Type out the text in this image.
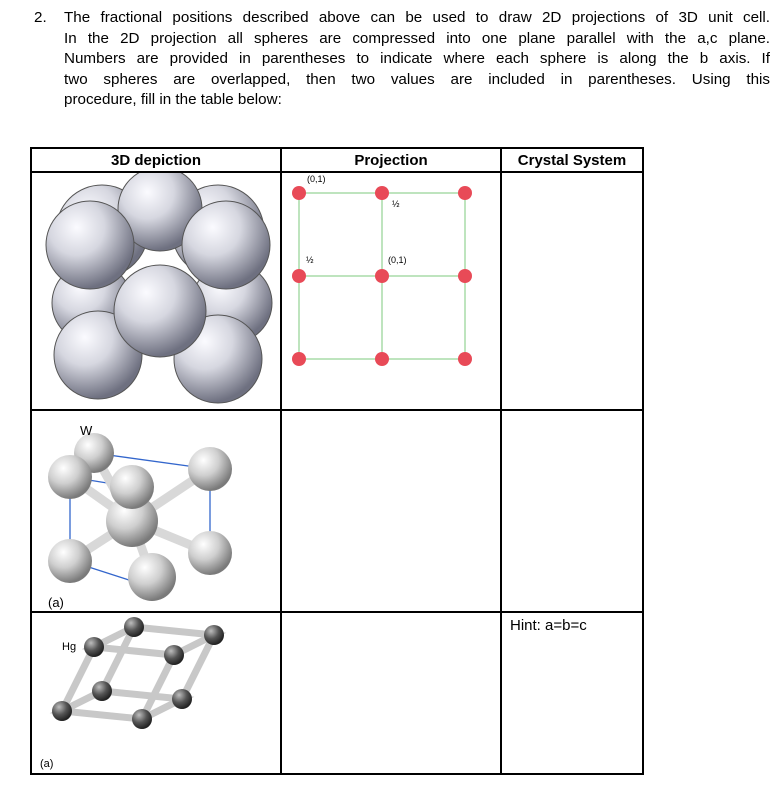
2. The fractional positions described above can be used to draw 2D projections of 3D unit cell.
In the 2D projection all spheres are compressed into one plane parallel with the a,c plane.
Numbers are provided in parentheses to indicate where each sphere is along the b axis. If
two spheres are overlapped, then two values are included in parentheses. Using this
procedure, fill in the table below:
3D depiction	Projection	Crystal System

(0,1)
½
½ (0,1)	

W
(a)		

Hg
(a)		Hint: a=b=c
